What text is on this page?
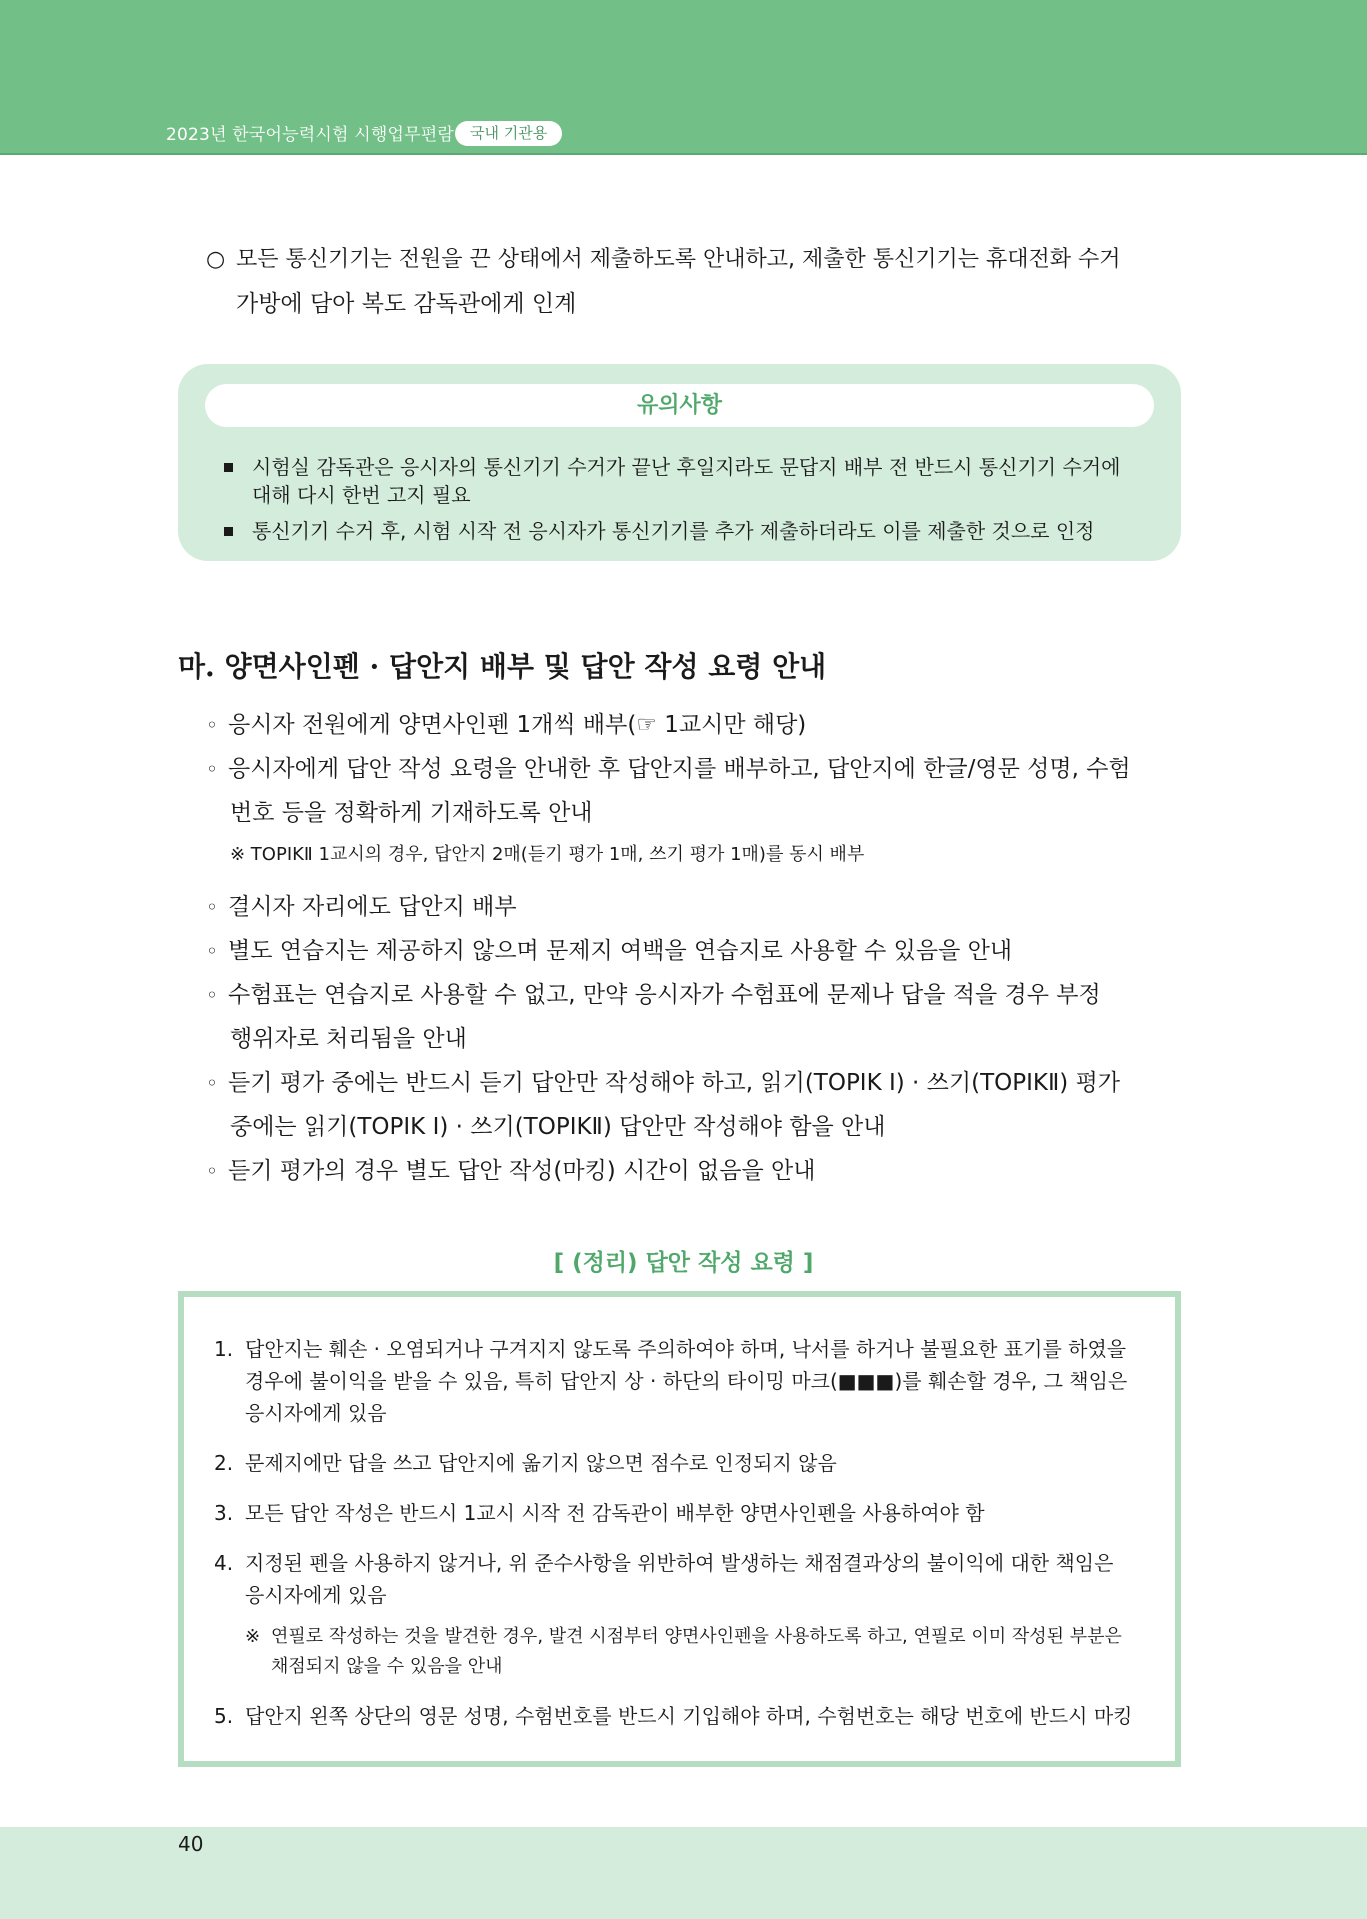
2023년 한국어능력시험 시행업무편람	국내 기관용
○ 모든 통신기기는 전원을 끈 상태에서 제출하도록 안내하고, 제출한 통신기기는 휴대전화 수거
가방에 담아 복도 감독관에게 인계
유의사항
시험실 감독관은 응시자의 통신기기 수거가 끝난 후일지라도 문답지 배부 전 반드시 통신기기 수거에
대해 다시 한번 고지 필요
통신기기 수거 후, 시험 시작 전 응시자가 통신기기를 추가 제출하더라도 이를 제출한 것으로 인정
마. 양면사인펜 · 답안지 배부 및 답안 작성 요령 안내
◦ 응시자 전원에게 양면사인펜 1개씩 배부(☞ 1교시만 해당)
◦ 응시자에게 답안 작성 요령을 안내한 후 답안지를 배부하고, 답안지에 한글/영문 성명, 수험
번호 등을 정확하게 기재하도록 안내
※ TOPIKⅡ 1교시의 경우, 답안지 2매(듣기 평가 1매, 쓰기 평가 1매)를 동시 배부
◦ 결시자 자리에도 답안지 배부
◦ 별도 연습지는 제공하지 않으며 문제지 여백을 연습지로 사용할 수 있음을 안내
◦ 수험표는 연습지로 사용할 수 없고, 만약 응시자가 수험표에 문제나 답을 적을 경우 부정
행위자로 처리됨을 안내
◦ 듣기 평가 중에는 반드시 듣기 답안만 작성해야 하고, 읽기(TOPIK Ⅰ) · 쓰기(TOPIKⅡ) 평가
중에는 읽기(TOPIK Ⅰ) · 쓰기(TOPIKⅡ) 답안만 작성해야 함을 안내
◦ 듣기 평가의 경우 별도 답안 작성(마킹) 시간이 없음을 안내
[ (정리) 답안 작성 요령 ]
1. 답안지는 훼손 · 오염되거나 구겨지지 않도록 주의하여야 하며, 낙서를 하거나 불필요한 표기를 하였을
경우에 불이익을 받을 수 있음, 특히 답안지 상 · 하단의 타이밍 마크(■■■)를 훼손할 경우, 그 책임은
응시자에게 있음
2. 문제지에만 답을 쓰고 답안지에 옮기지 않으면 점수로 인정되지 않음
3. 모든 답안 작성은 반드시 1교시 시작 전 감독관이 배부한 양면사인펜을 사용하여야 함
4. 지정된 펜을 사용하지 않거나, 위 준수사항을 위반하여 발생하는 채점결과상의 불이익에 대한 책임은
응시자에게 있음
※ 연필로 작성하는 것을 발견한 경우, 발견 시점부터 양면사인펜을 사용하도록 하고, 연필로 이미 작성된 부분은
채점되지 않을 수 있음을 안내
5. 답안지 왼쪽 상단의 영문 성명, 수험번호를 반드시 기입해야 하며, 수험번호는 해당 번호에 반드시 마킹
40
